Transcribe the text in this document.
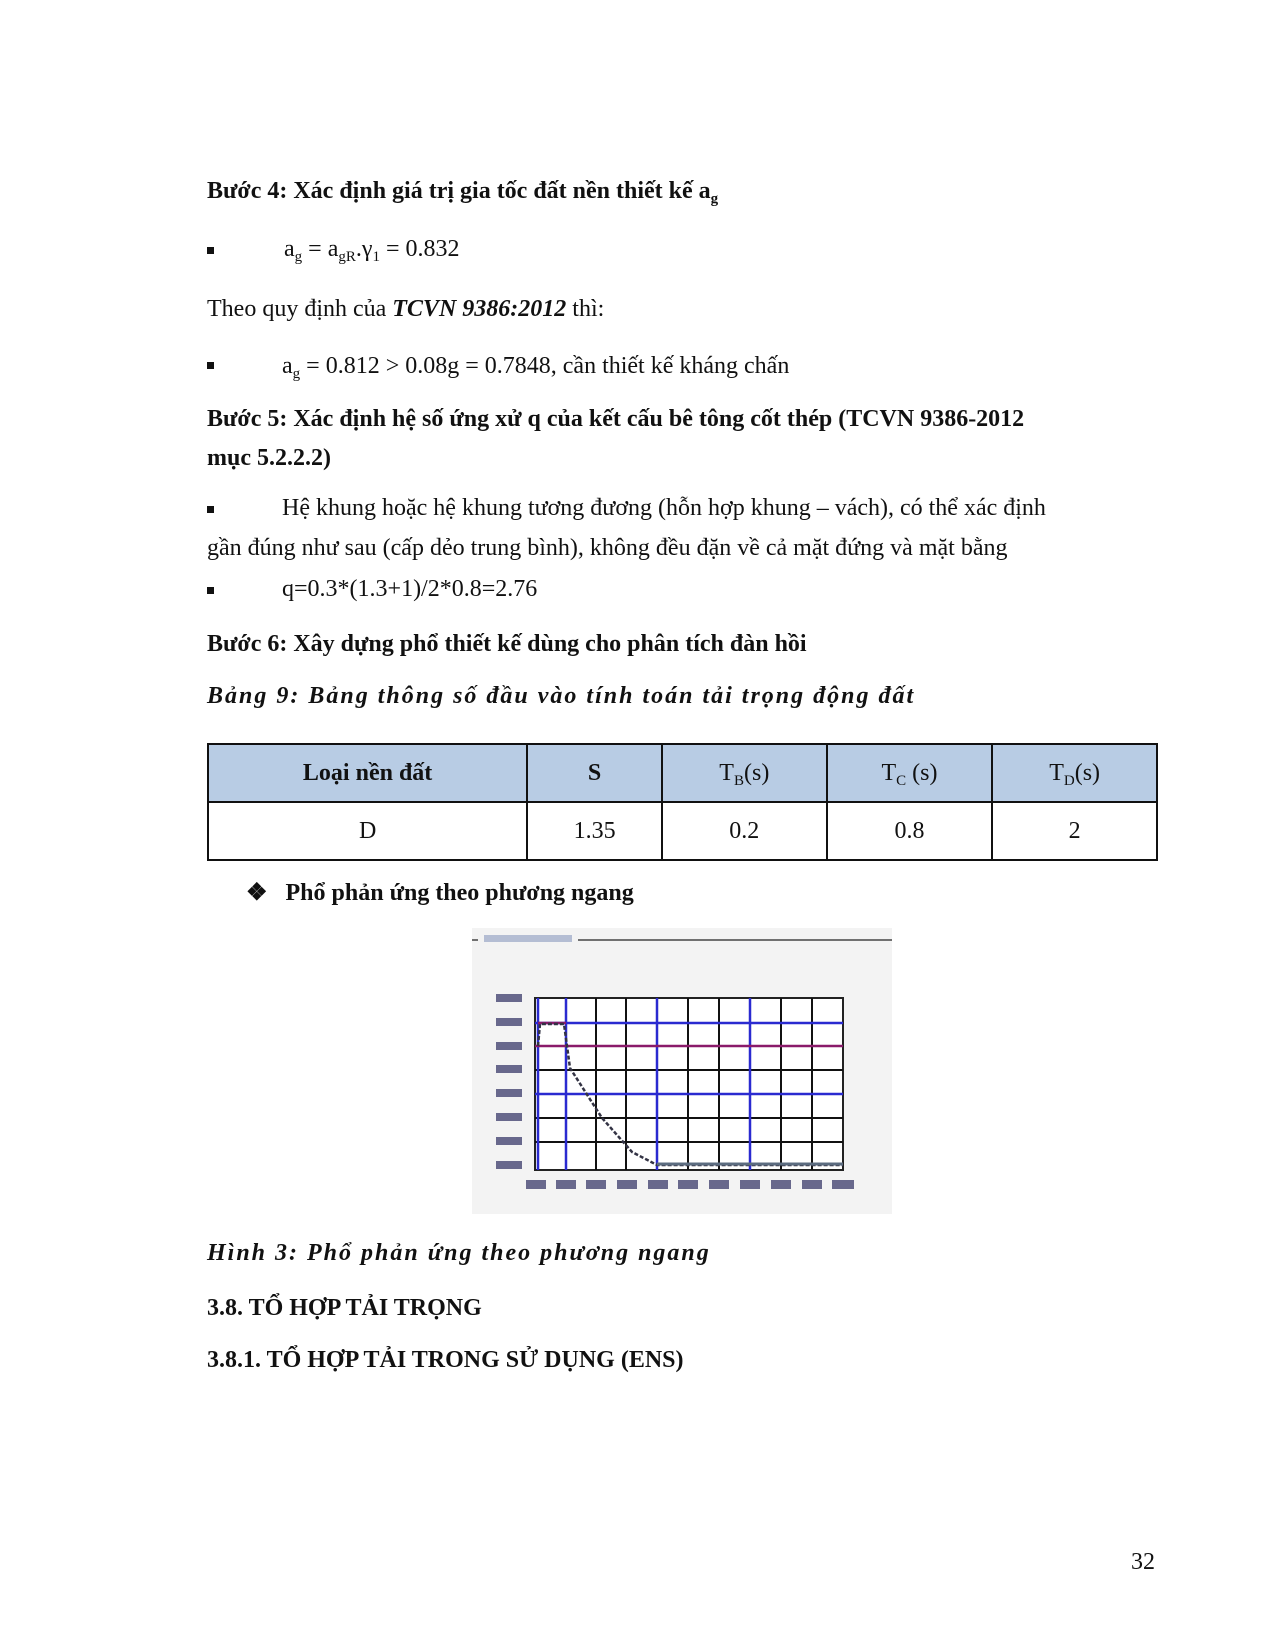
Bước 4: Xác định giá trị gia tốc đất nền thiết kế $a_g$
$a_g = a_{gR}.\gamma_1 = 0.832$
Theo quy định của TCVN 9386:2012 thì:
$a_g = 0.812 > 0.08g = 0.7848$, cần thiết kế kháng chấn
Bước 5: Xác định hệ số ứng xử q của kết cấu bê tông cốt thép (TCVN 9386-2012
mục 5.2.2.2)
Hệ khung hoặc hệ khung tương đương (hỗn hợp khung – vách), có thể xác định
gần đúng như sau (cấp dẻo trung bình), không đều đặn về cả mặt đứng và mặt bằng
q=0.3*(1.3+1)/2*0.8=2.76
Bước 6: Xây dựng phổ thiết kế dùng cho phân tích đàn hồi
Bảng 9: Bảng thông số đầu vào tính toán tải trọng động đất
Loại nền đất	S	$T_B(s)$	$T_C$ (s)	$T_D(s)$
D	1.35	0.2	0.8	2
❖ Phổ phản ứng theo phương ngang
Hình 3: Phổ phản ứng theo phương ngang
3.8. TỔ HỢP TẢI TRỌNG
3.8.1. TỔ HỢP TẢI TRONG SỬ DỤNG (ENS)
32
